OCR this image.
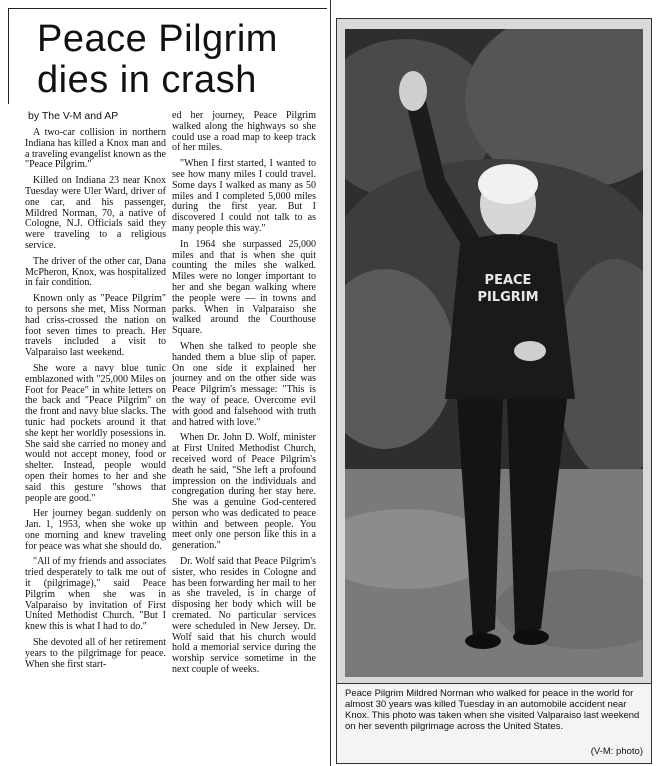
Peace Pilgrim
dies in crash
by The V-M and AP

A two-car collision in northern Indiana has killed a Knox man and a traveling evangelist known as the "Peace Pilgrim."

Killed on Indiana 23 near Knox Tuesday were Uler Ward, driver of one car, and his passenger, Mildred Norman, 70, a native of Cologne, N.J. Officials said they were traveling to a religious service.

The driver of the other car, Dana McPheron, Knox, was hospitalized in fair condition.

Known only as "Peace Pilgrim" to persons she met, Miss Norman had criss-crossed the nation on foot seven times to preach. Her travels included a visit to Valparaiso last weekend.

She wore a navy blue tunic emblazoned with "25,000 Miles on Foot for Peace" in white letters on the back and "Peace Pilgrim" on the front and navy blue slacks. The tunic had pockets around it that she kept her worldly posessions in. She said she carried no money and would not accept money, food or shelter. Instead, people would open their homes to her and she said this gesture "shows that people are good."

Her journey began suddenly on Jan. 1, 1953, when she woke up one morning and knew traveling for peace was what she should do.

"All of my friends and associates tried desperately to talk me out of it (pilgrimage)," said Peace Pilgrim when she was in Valparaiso by invitation of First United Methodist Church. "But I knew this is what I had to do."

She devoted all of her retirement years to the pilgrimage for peace. When she first start-

ed her journey, Peace Pilgrim walked along the highways so she could use a road map to keep track of her miles.

"When I first started, I wanted to see how many miles I could travel. Some days I walked as many as 50 miles and I completed 5,000 miles during the first year. But I discovered I could not talk to as many people this way."

In 1964 she surpassed 25,000 miles and that is when she quit counting the miles she walked. Miles were no longer important to her and she began walking where the people were — in towns and parks. When in Valparaiso she walked around the Courthouse Square.

When she talked to people she handed them a blue slip of paper. On one side it explained her journey and on the other side was Peace Pilgrim's message: "This is the way of peace. Overcome evil with good and falsehood with truth and hatred with love."

When Dr. John D. Wolf, minister at First United Methodist Church, received word of Peace Pilgrim's death he said, "She left a profound impression on the individuals and congregation during her stay here. She was a genuine God-centered person who was dedicated to peace within and between people. You meet only one person like this in a generation."

Dr. Wolf said that Peace Pilgrim's sister, who resides in Cologne and has been forwarding her mail to her as she traveled, is in charge of disposing her body which will be cremated. No particular services were scheduled in New Jersey. Dr. Wolf said that his church would hold a memorial service during the worship service sometime in the next couple of weeks.

PEACE
PILGRIM

Peace Pilgrim Mildred Norman who walked for peace in the world for almost 30 years was killed Tuesday in an automobile accident near Knox. This photo was taken when she visited Valparaiso last weekend on her seventh pilgrimage across the United States.

(V-M: photo)
